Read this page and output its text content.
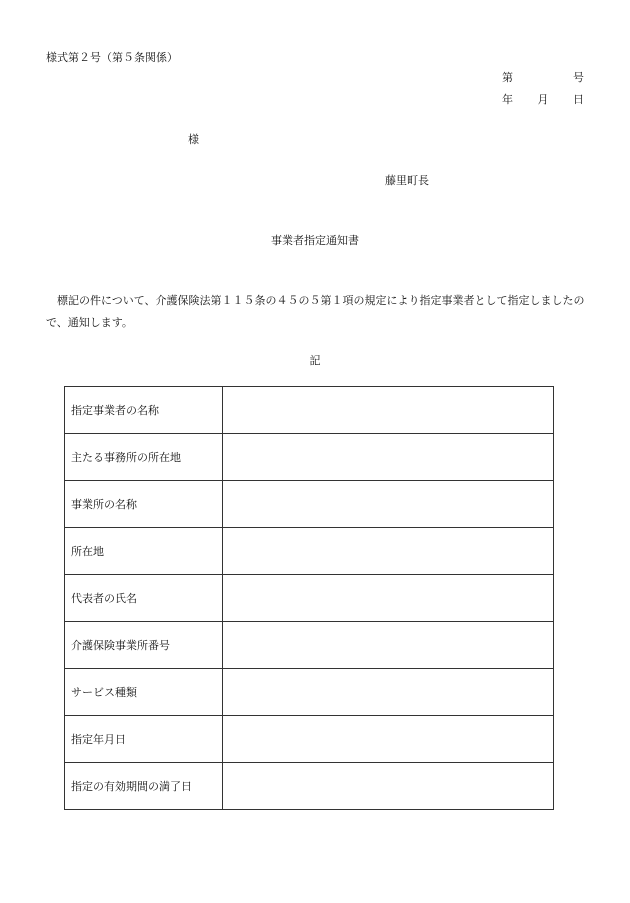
様式第２号（第５条関係）
第	号
年 月 日
様
藤里町長
事業者指定通知書
標記の件について、介護保険法第１１５条の４５の５第１項の規定により指定事業者として指定しましたので、通知します。
記
指定事業者の名称	
主たる事務所の所在地	
事業所の名称	
所在地	
代表者の氏名	
介護保険事業所番号	
サービス種類	
指定年月日	
指定の有効期間の満了日	
